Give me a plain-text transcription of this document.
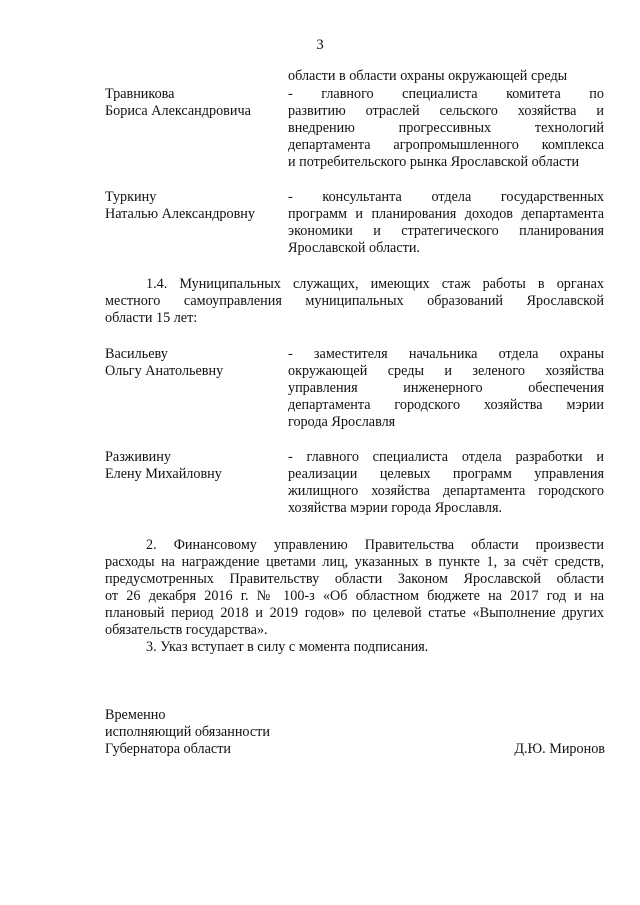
3
области в области охраны окружающей среды
Травникова
Бориса Александровича
- главного специалиста комитета по
развитию отраслей сельского хозяйства и
внедрению прогрессивных технологий
департамента агропромышленного комплекса
и потребительского рынка Ярославской области
Туркину
Наталью Александровну
- консультанта отдела государственных
программ и планирования доходов департамента
экономики и стратегического планирования
Ярославской области.
1.4. Муниципальных служащих, имеющих стаж работы в органах
местного самоуправления муниципальных образований Ярославской
области 15 лет:
Васильеву
Ольгу Анатольевну
- заместителя начальника отдела охраны
окружающей среды и зеленого хозяйства
управления инженерного обеспечения
департамента городского хозяйства мэрии
города Ярославля
Разживину
Елену Михайловну
- главного специалиста отдела разработки и
реализации целевых программ управления
жилищного хозяйства департамента городского
хозяйства мэрии города Ярославля.
2. Финансовому управлению Правительства области произвести
расходы на награждение цветами лиц, указанных в пункте 1, за счёт средств,
предусмотренных Правительству области Законом Ярославской области
от 26 декабря 2016 г. № 100-з «Об областном бюджете на 2017 год и на
плановый период 2018 и 2019 годов» по целевой статье «Выполнение других
обязательств государства».
3. Указ вступает в силу с момента подписания.
Временно
исполняющий обязанности
Губернатора области	Д.Ю. Миронов
